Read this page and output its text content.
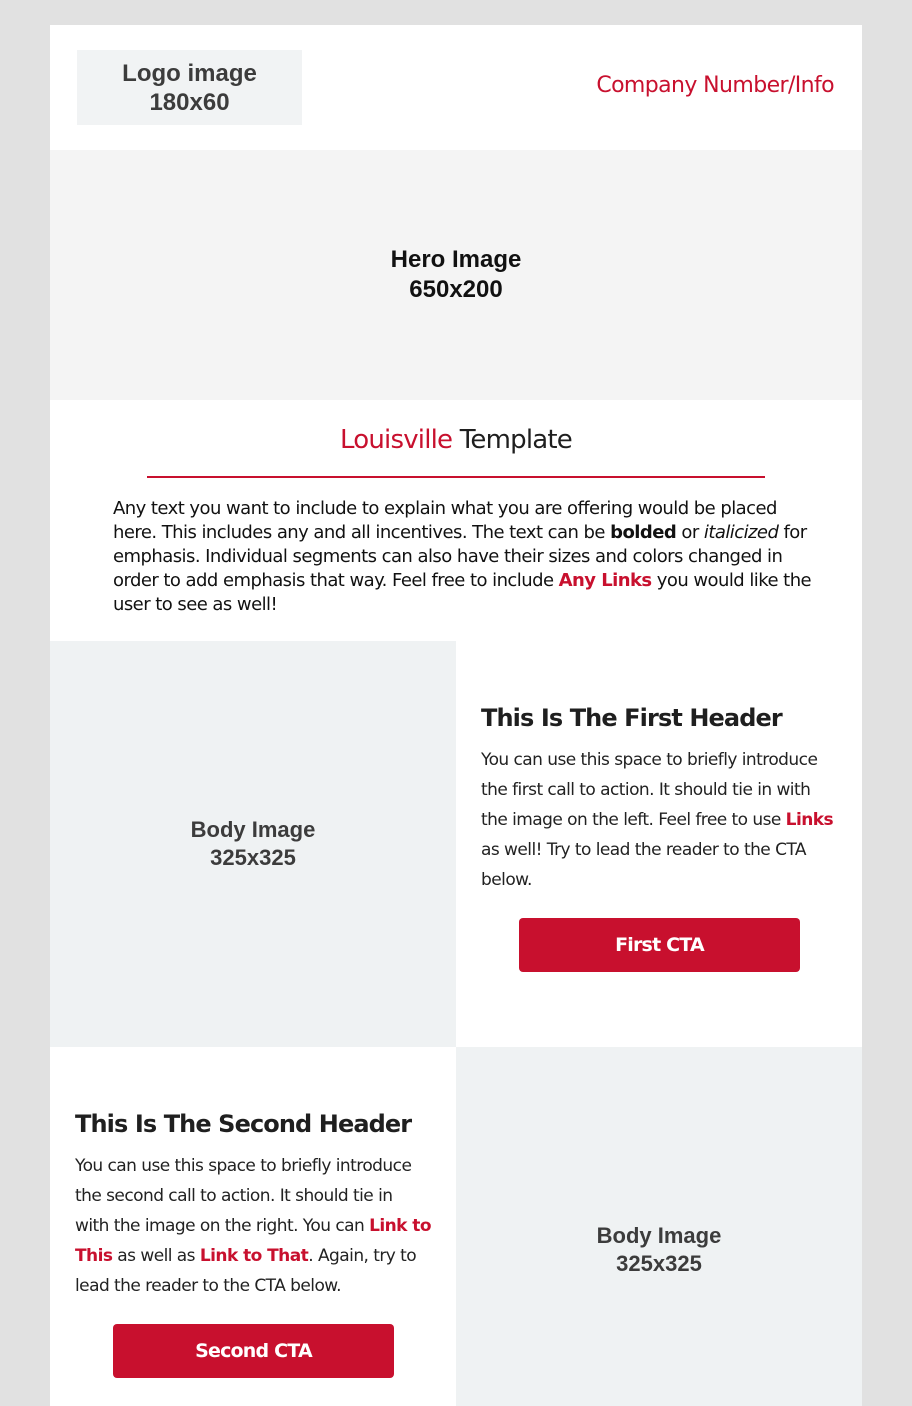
Logo image
180x60
Company Number/Info
Hero Image
650x200
Louisville Template

Any text you want to include to explain what you are offering would be placed here. This includes any and all incentives. The text can be bolded or italicized for emphasis. Individual segments can also have their sizes and colors changed in order to add emphasis that way. Feel free to include Any Links you would like the user to see as well!

Body Image
325x325
This Is The First Header

You can use this space to briefly introduce the first call to action. It should tie in with the image on the left. Feel free to use Links as well! Try to lead the reader to the CTA below.

First CTA
This Is The Second Header

You can use this space to briefly introduce the second call to action. It should tie in with the image on the right. You can Link to This as well as Link to That. Again, try to lead the reader to the CTA below.

Second CTA
Body Image
325x325
